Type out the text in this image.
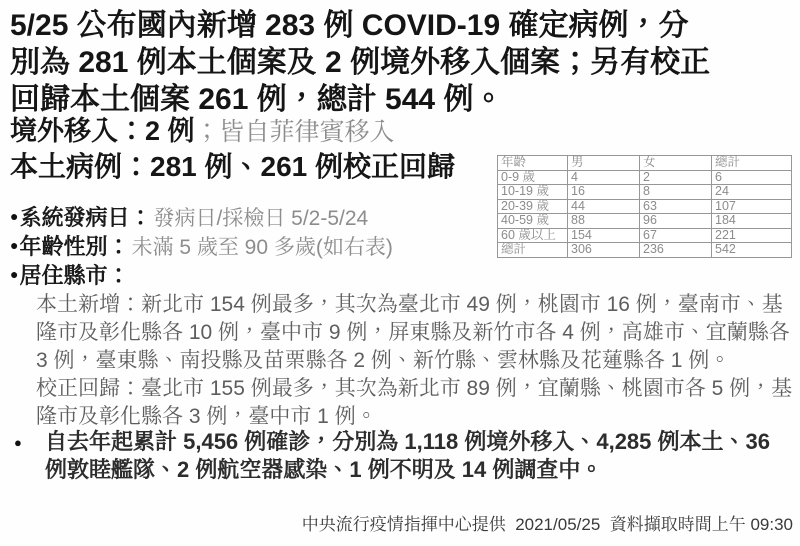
5/25 公布國內新增 283 例 COVID-19 確定病例，分
別為 281 例本土個案及 2 例境外移入個案；另有校正
回歸本土個案 261 例，總計 544 例。
境外移入：2 例；皆自菲律賓移入
本土病例：281 例、261 例校正回歸
● 系統發病日： 發病日/採檢日 5/2-5/24
● 年齡性別： 未滿 5 歲至 90 多歲(如右表)
● 居住縣市：
年齡	男	女	總計
0-9 歲	4	2	6
10-19 歲	16	8	24
20-39 歲	44	63	107
40-59 歲	88	96	184
60 歲以上	154	67	221
總計	306	236	542
本土新增：新北市 154 例最多，其次為臺北市 49 例，桃園市 16 例，臺南市、基
隆市及彰化縣各 10 例，臺中市 9 例，屏東縣及新竹市各 4 例，高雄市、宜蘭縣各
3 例，臺東縣、南投縣及苗栗縣各 2 例、新竹縣、雲林縣及花蓮縣各 1 例。
校正回歸：臺北市 155 例最多，其次為新北市 89 例，宜蘭縣、桃園市各 5 例，基
隆市及彰化縣各 3 例，臺中市 1 例。
●	自去年起累計 5,456 例確診，分別為 1,118 例境外移入、4,285 例本土、36
例敦睦艦隊、2 例航空器感染、1 例不明及 14 例調查中。
中央流行疫情指揮中心提供  2021/05/25  資料擷取時間上午 09:30
